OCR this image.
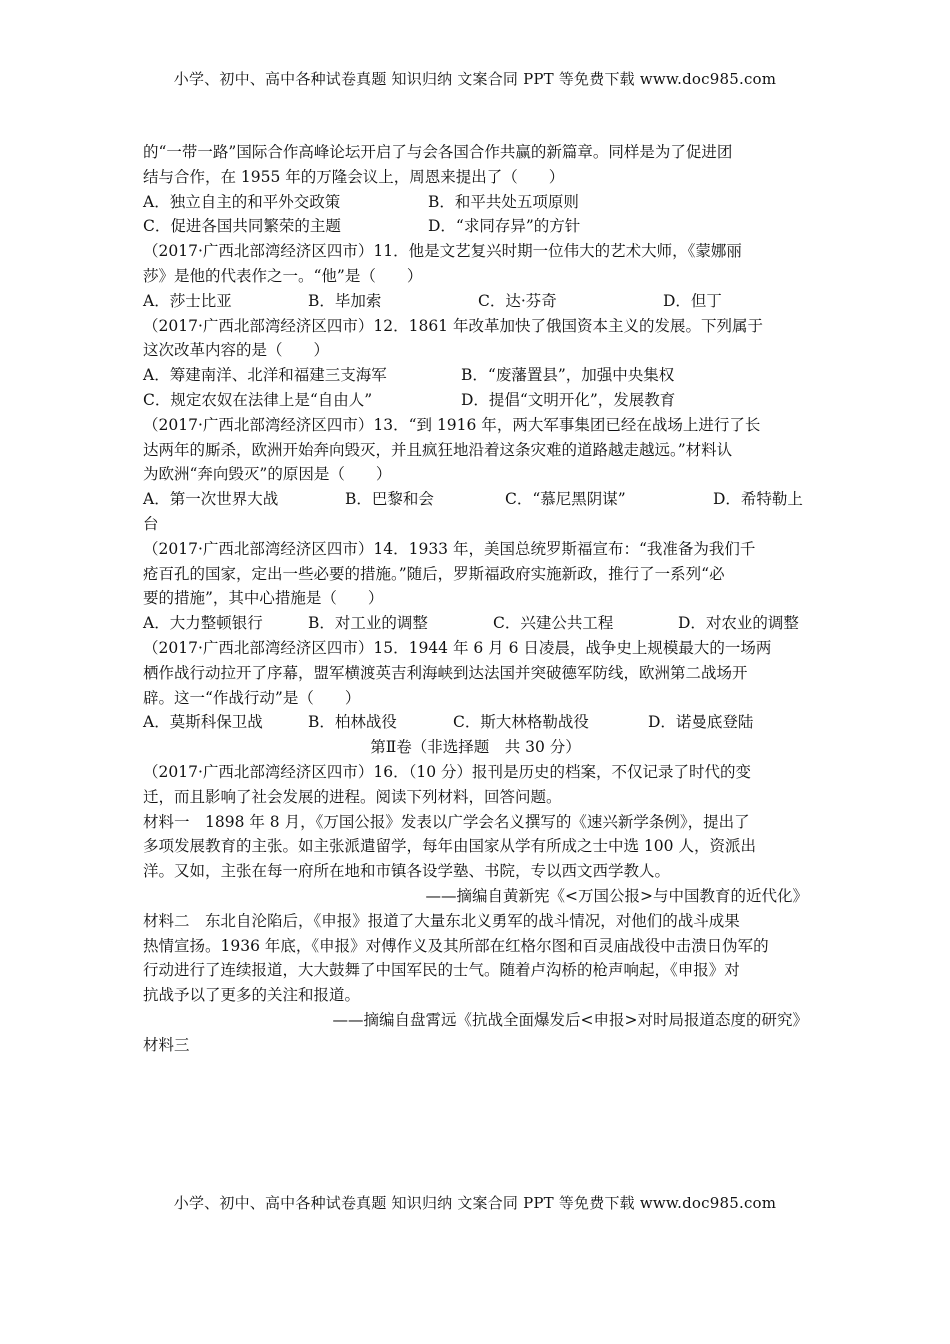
小学、初中、高中各种试卷真题 知识归纳 文案合同 PPT 等免费下载 www.doc985.com

的“一带一路”国际合作高峰论坛开启了与会各国合作共赢的新篇章。同样是为了促进团

结与合作，在 1955 年的万隆会议上，周恩来提出了（　　）

A．独立自主的和平外交政策	B．和平共处五项原则
C．促进各国共同繁荣的主题	D．“求同存异”的方针

（2017·广西北部湾经济区四市）11．他是文艺复兴时期一位伟大的艺术大师，《蒙娜丽

莎》是他的代表作之一。“他”是（　　）

A．莎士比亚	B．毕加索	C．达·芬奇	D．但丁

（2017·广西北部湾经济区四市）12．1861 年改革加快了俄国资本主义的发展。下列属于

这次改革内容的是（　　）

A．筹建南洋、北洋和福建三支海军	B．“废藩置县”，加强中央集权
C．规定农奴在法律上是“自由人”	D．提倡“文明开化”，发展教育

（2017·广西北部湾经济区四市）13．“到 1916 年，两大军事集团已经在战场上进行了长

达两年的厮杀，欧洲开始奔向毁灭，并且疯狂地沿着这条灾难的道路越走越远。”材料认

为欧洲“奔向毁灭”的原因是（　　）

A．第一次世界大战	B．巴黎和会	C．“慕尼黑阴谋”	D．希特勒上

台

（2017·广西北部湾经济区四市）14．1933 年，美国总统罗斯福宣布：“我准备为我们千

疮百孔的国家，定出一些必要的措施。”随后，罗斯福政府实施新政，推行了一系列“必

要的措施”，其中心措施是（　　）

A．大力整顿银行	B．对工业的调整	C．兴建公共工程	D．对农业的调整

（2017·广西北部湾经济区四市）15．1944 年 6 月 6 日凌晨，战争史上规模最大的一场两

栖作战行动拉开了序幕，盟军横渡英吉利海峡到达法国并突破德军防线，欧洲第二战场开

辟。这一“作战行动”是（　　）

A．莫斯科保卫战	B．柏林战役	C．斯大林格勒战役	D．诺曼底登陆

第Ⅱ卷（非选择题　共 30 分）

（2017·广西北部湾经济区四市）16．（10 分）报刊是历史的档案，不仅记录了时代的变

迁，而且影响了社会发展的进程。阅读下列材料，回答问题。

材料一　1898 年 8 月，《万国公报》发表以广学会名义撰写的《速兴新学条例》，提出了

多项发展教育的主张。如主张派遣留学，每年由国家从学有所成之士中选 100 人，资派出

洋。又如，主张在每一府所在地和市镇各设学塾、书院，专以西文西学教人。

——摘编自黄新宪《<万国公报>与中国教育的近代化》

材料二　东北自沦陷后，《申报》报道了大量东北义勇军的战斗情况，对他们的战斗成果

热情宣扬。1936 年底，《申报》对傅作义及其所部在红格尔图和百灵庙战役中击溃日伪军的

行动进行了连续报道，大大鼓舞了中国军民的士气。随着卢沟桥的枪声响起，《申报》对

抗战予以了更多的关注和报道。

——摘编自盘霄远《抗战全面爆发后<申报>对时局报道态度的研究》

材料三

小学、初中、高中各种试卷真题 知识归纳 文案合同 PPT 等免费下载 www.doc985.com
